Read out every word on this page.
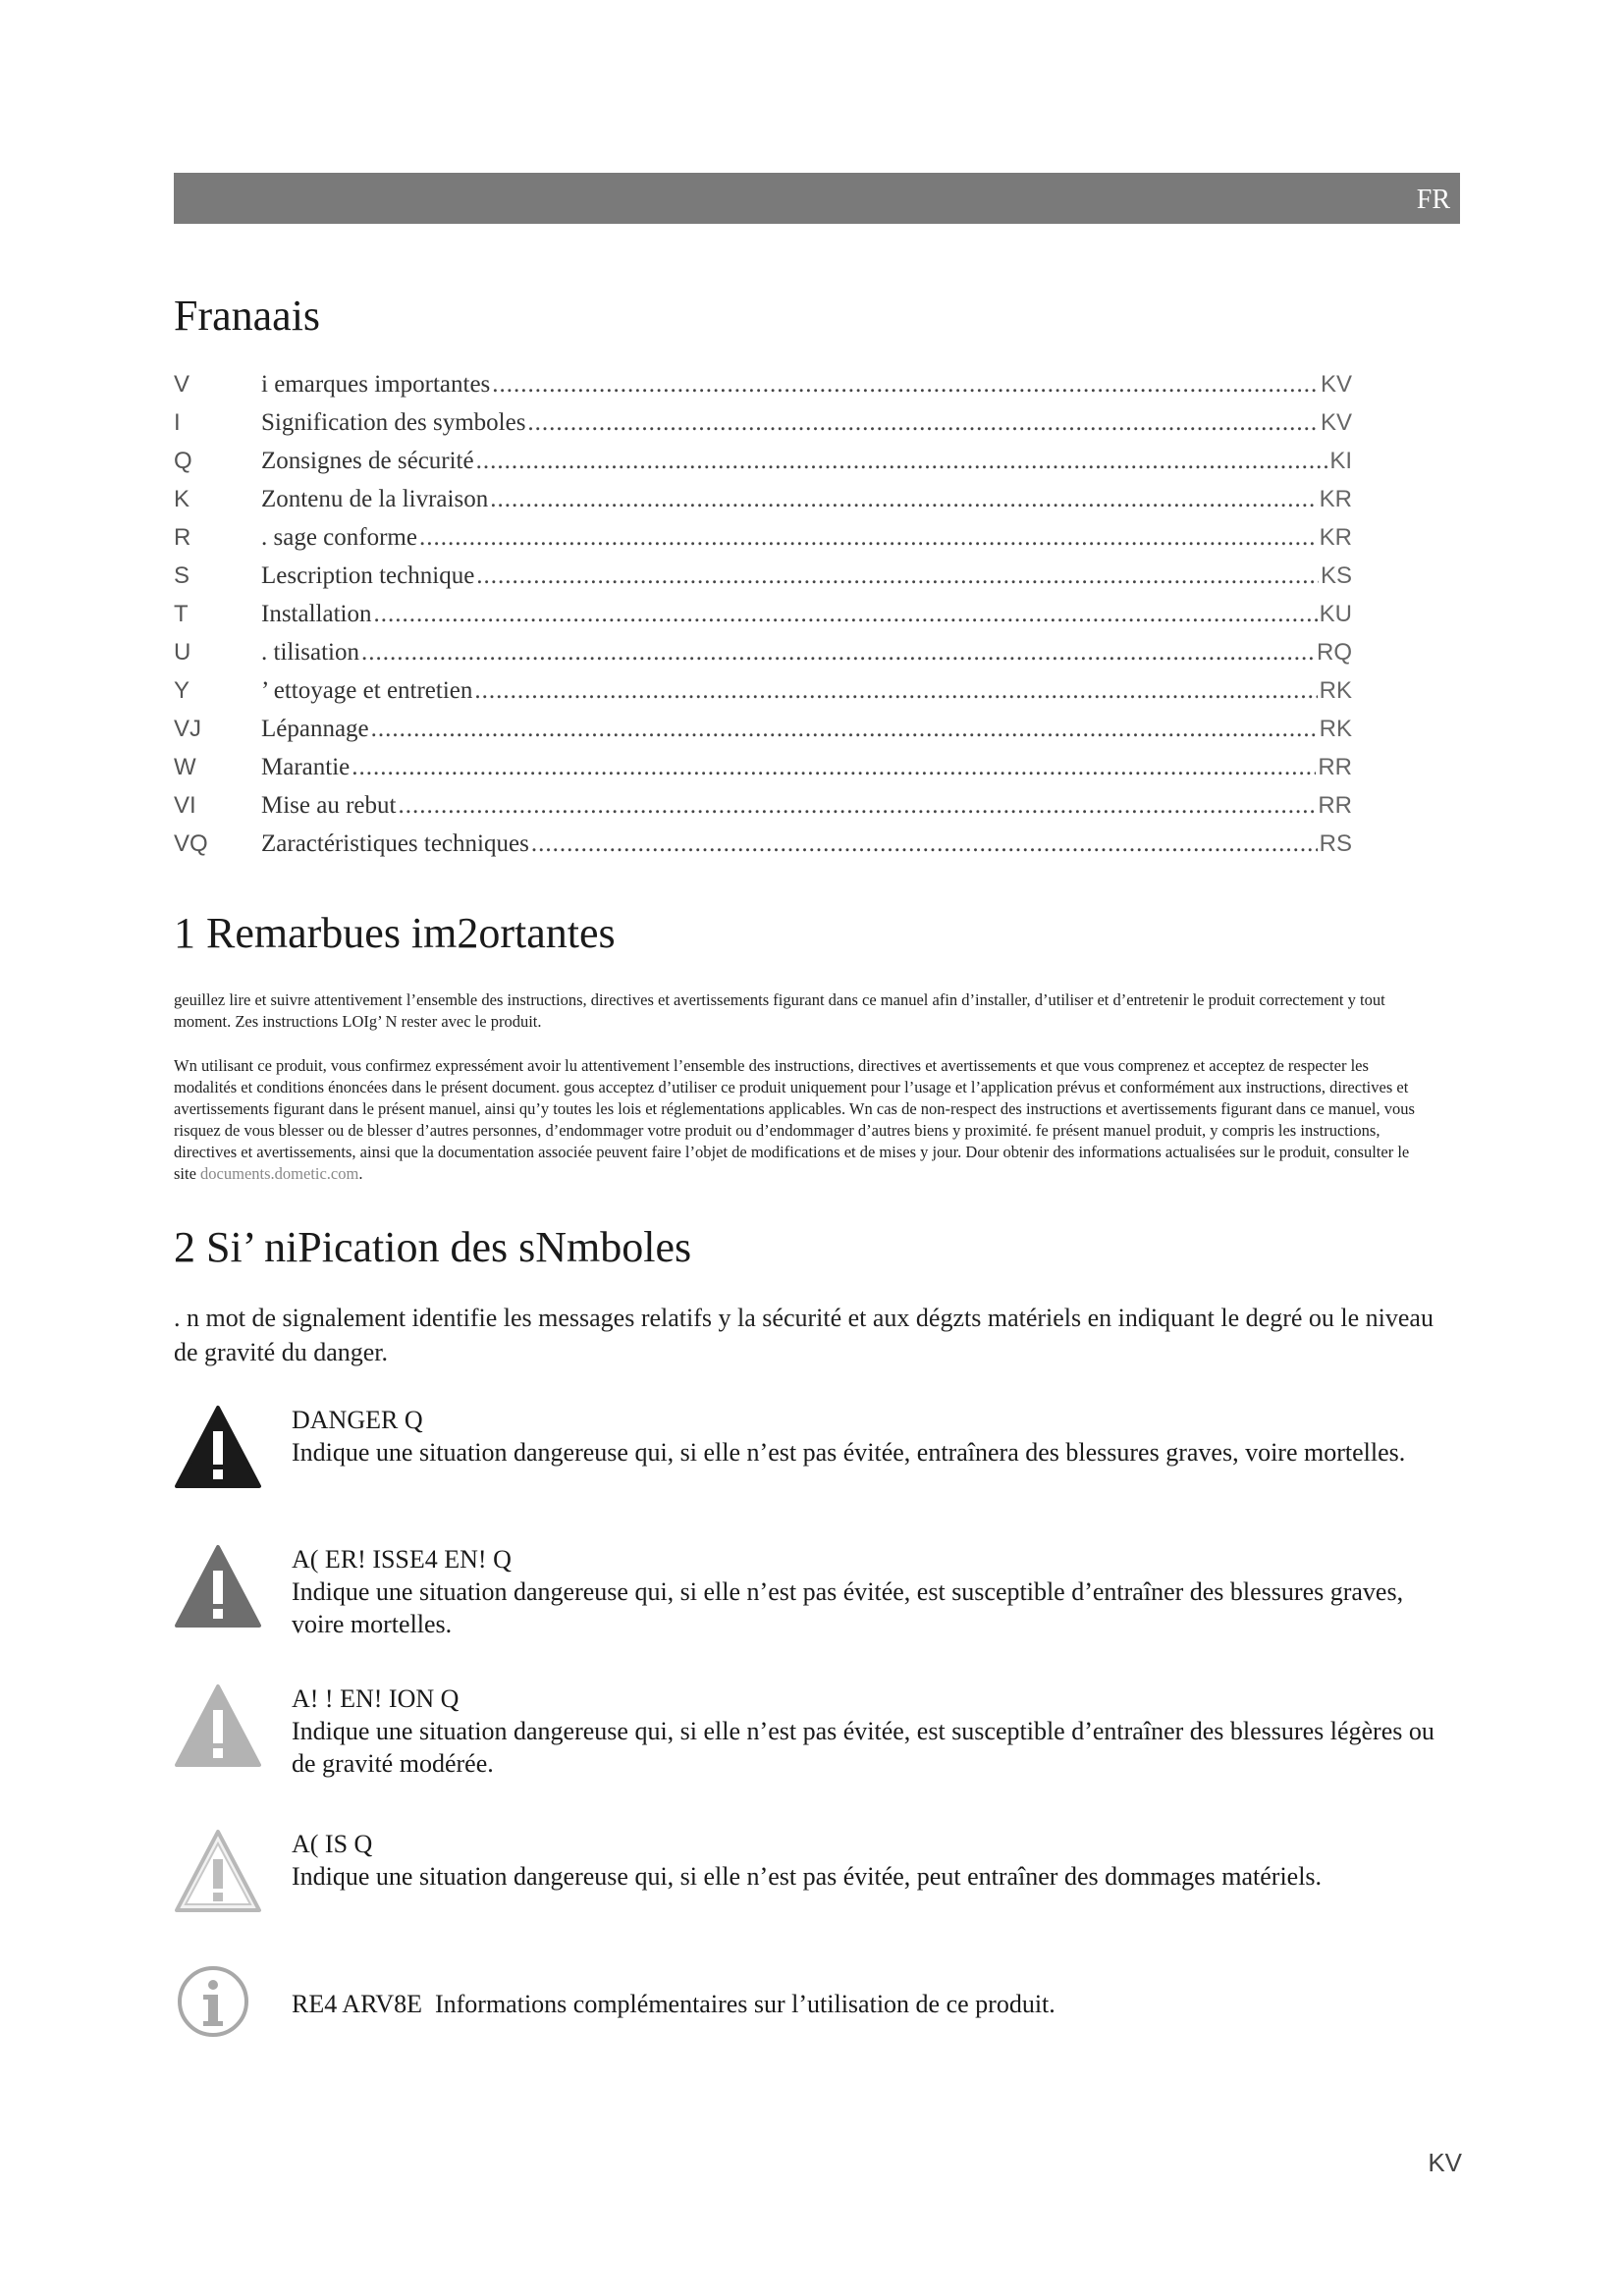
FR
Franaais
V	i emarques importantes .....	KV
I	Signification des symboles .....	KV
Q	Zonsignes de sécurité .....	KI
K	Zontenu de la livraison .....	KR
R	. sage conforme .....	KR
S	Lescription technique .....	KS
T	Installation .....	KU
U	. tilisation .....	RQ
Y	’ ettoyage et entretien .....	RK
VJ	Lépannage .....	RK
W	Marantie .....	RR
VI	Mise au rebut .....	RR
VQ	Zaractéristiques techniques .....	RS
1 Remarbues im2ortantes
geuillez lire et suivre attentivement l’ensemble des instructions, directives et avertissements figurant dans ce manuel afin d’installer, d’utiliser et d’entretenir le produit correctement y tout moment. Zes instructions LOIg’ N rester avec le produit.
Wn utilisant ce produit, vous confirmez expressément avoir lu attentivement l’ensemble des instructions, directives et avertissements et que vous comprenez et acceptez de respecter les modalités et conditions énoncées dans le présent document. gous acceptez d’utiliser ce produit uniquement pour l’usage et l’application prévus et conformément aux instructions, directives et avertissements figurant dans le présent manuel, ainsi qu’y toutes les lois et réglementations applicables. Wn cas de non-respect des instructions et avertissements figurant dans ce manuel, vous risquez de vous blesser ou de blesser d’autres personnes, d’endommager votre produit ou d’endommager d’autres biens y proximité. fe présent manuel produit, y compris les instructions, directives et avertissements, ainsi que la documentation associée peuvent faire l’objet de modifications et de mises y jour. Dour obtenir des informations actualisées sur le produit, consulter le site documents.dometic.com.
2 Si’ niPication des sNmboles
. n mot de signalement identifie les messages relatifs y la sécurité et aux dégzts matériels en indiquant le degré ou le niveau de gravité du danger.
DANGER Q
Indique une situation dangereuse qui, si elle n’est pas évitée, entraînera des blessures graves, voire mortelles.
A( ER! ISSE4 EN! Q
Indique une situation dangereuse qui, si elle n’est pas évitée, est susceptible d’entraîner des blessures graves, voire mortelles.
A! ! EN! ION Q
Indique une situation dangereuse qui, si elle n’est pas évitée, est susceptible d’entraîner des blessures légères ou de gravité modérée.
A( IS Q
Indique une situation dangereuse qui, si elle n’est pas évitée, peut entraîner des dommages matériels.
RE4 ARV8E Informations complémentaires sur l’utilisation de ce produit.
KV
